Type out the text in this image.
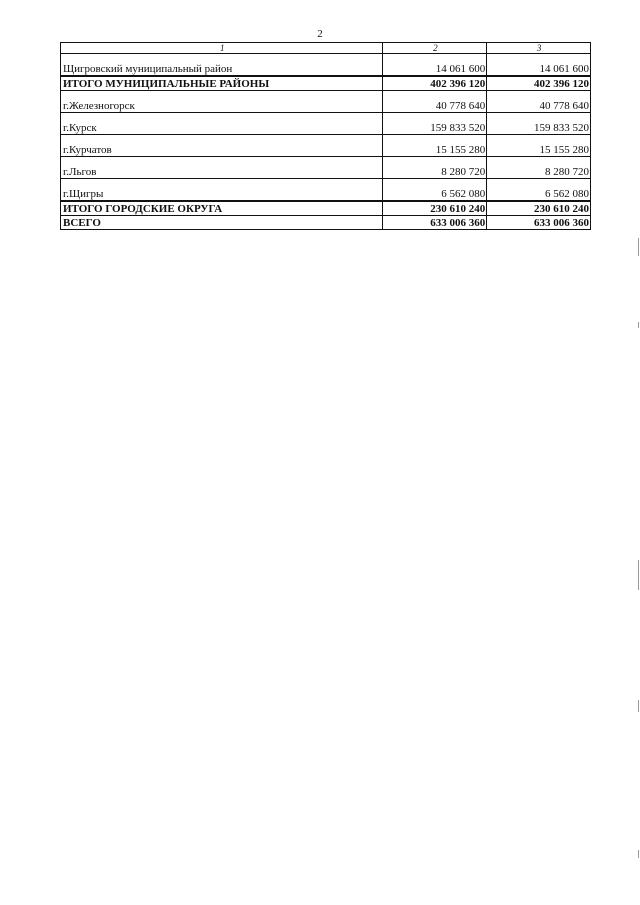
2
1	2	3
Щигровский муниципальный район	14 061 600	14 061 600
ИТОГО МУНИЦИПАЛЬНЫЕ РАЙОНЫ	402 396 120	402 396 120
г.Железногорск	40 778 640	40 778 640
г.Курск	159 833 520	159 833 520
г.Курчатов	15 155 280	15 155 280
г.Льгов	8 280 720	8 280 720
г.Щигры	6 562 080	6 562 080
ИТОГО ГОРОДСКИЕ ОКРУГА	230 610 240	230 610 240
ВСЕГО	633 006 360	633 006 360
